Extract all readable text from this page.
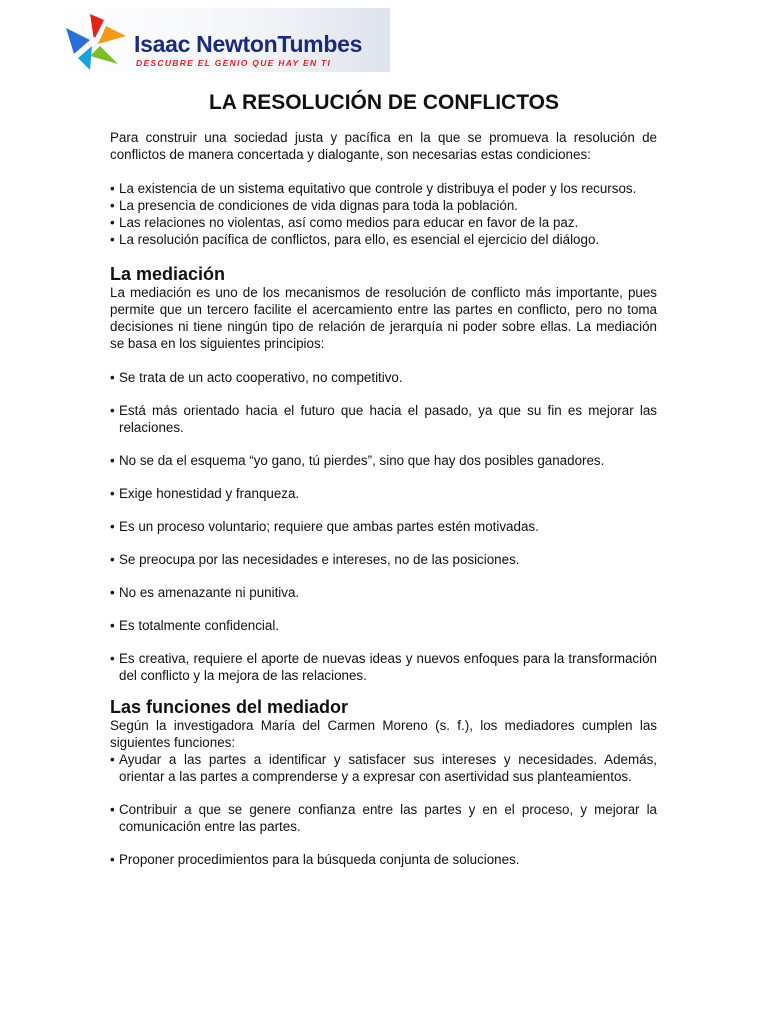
Isaac NewtonTumbes
DESCUBRE EL GENIO QUE HAY EN TI
LA RESOLUCIÓN DE CONFLICTOS

Para construir una sociedad justa y pacífica en la que se promueva la resolución de conflictos de manera concertada y dialogante, son necesarias estas condiciones:

• La existencia de un sistema equitativo que controle y distribuya el poder y los recursos.
• La presencia de condiciones de vida dignas para toda la población.
• Las relaciones no violentas, así como medios para educar en favor de la paz.
• La resolución pacífica de conflictos, para ello, es esencial el ejercicio del diálogo.
La mediación

La mediación es uno de los mecanismos de resolución de conflicto más importante, pues permite que un tercero facilite el acercamiento entre las partes en conflicto, pero no toma decisiones ni tiene ningún tipo de relación de jerarquía ni poder sobre ellas. La mediación se basa en los siguientes principios:

• Se trata de un acto cooperativo, no competitivo.
• Está más orientado hacia el futuro que hacia el pasado, ya que su fin es mejorar las relaciones.
• No se da el esquema “yo gano, tú pierdes”, sino que hay dos posibles ganadores.
• Exige honestidad y franqueza.
• Es un proceso voluntario; requiere que ambas partes estén motivadas.
• Se preocupa por las necesidades e intereses, no de las posiciones.
• No es amenazante ni punitiva.
• Es totalmente confidencial.
• Es creativa, requiere el aporte de nuevas ideas y nuevos enfoques para la transformación del conflicto y la mejora de las relaciones.
Las funciones del mediador

Según la investigadora María del Carmen Moreno (s. f.), los mediadores cumplen las siguientes funciones:

• Ayudar a las partes a identificar y satisfacer sus intereses y necesidades. Además, orientar a las partes a comprenderse y a expresar con asertividad sus planteamientos.
• Contribuir a que se genere confianza entre las partes y en el proceso, y mejorar la comunicación entre las partes.
• Proponer procedimientos para la búsqueda conjunta de soluciones.
